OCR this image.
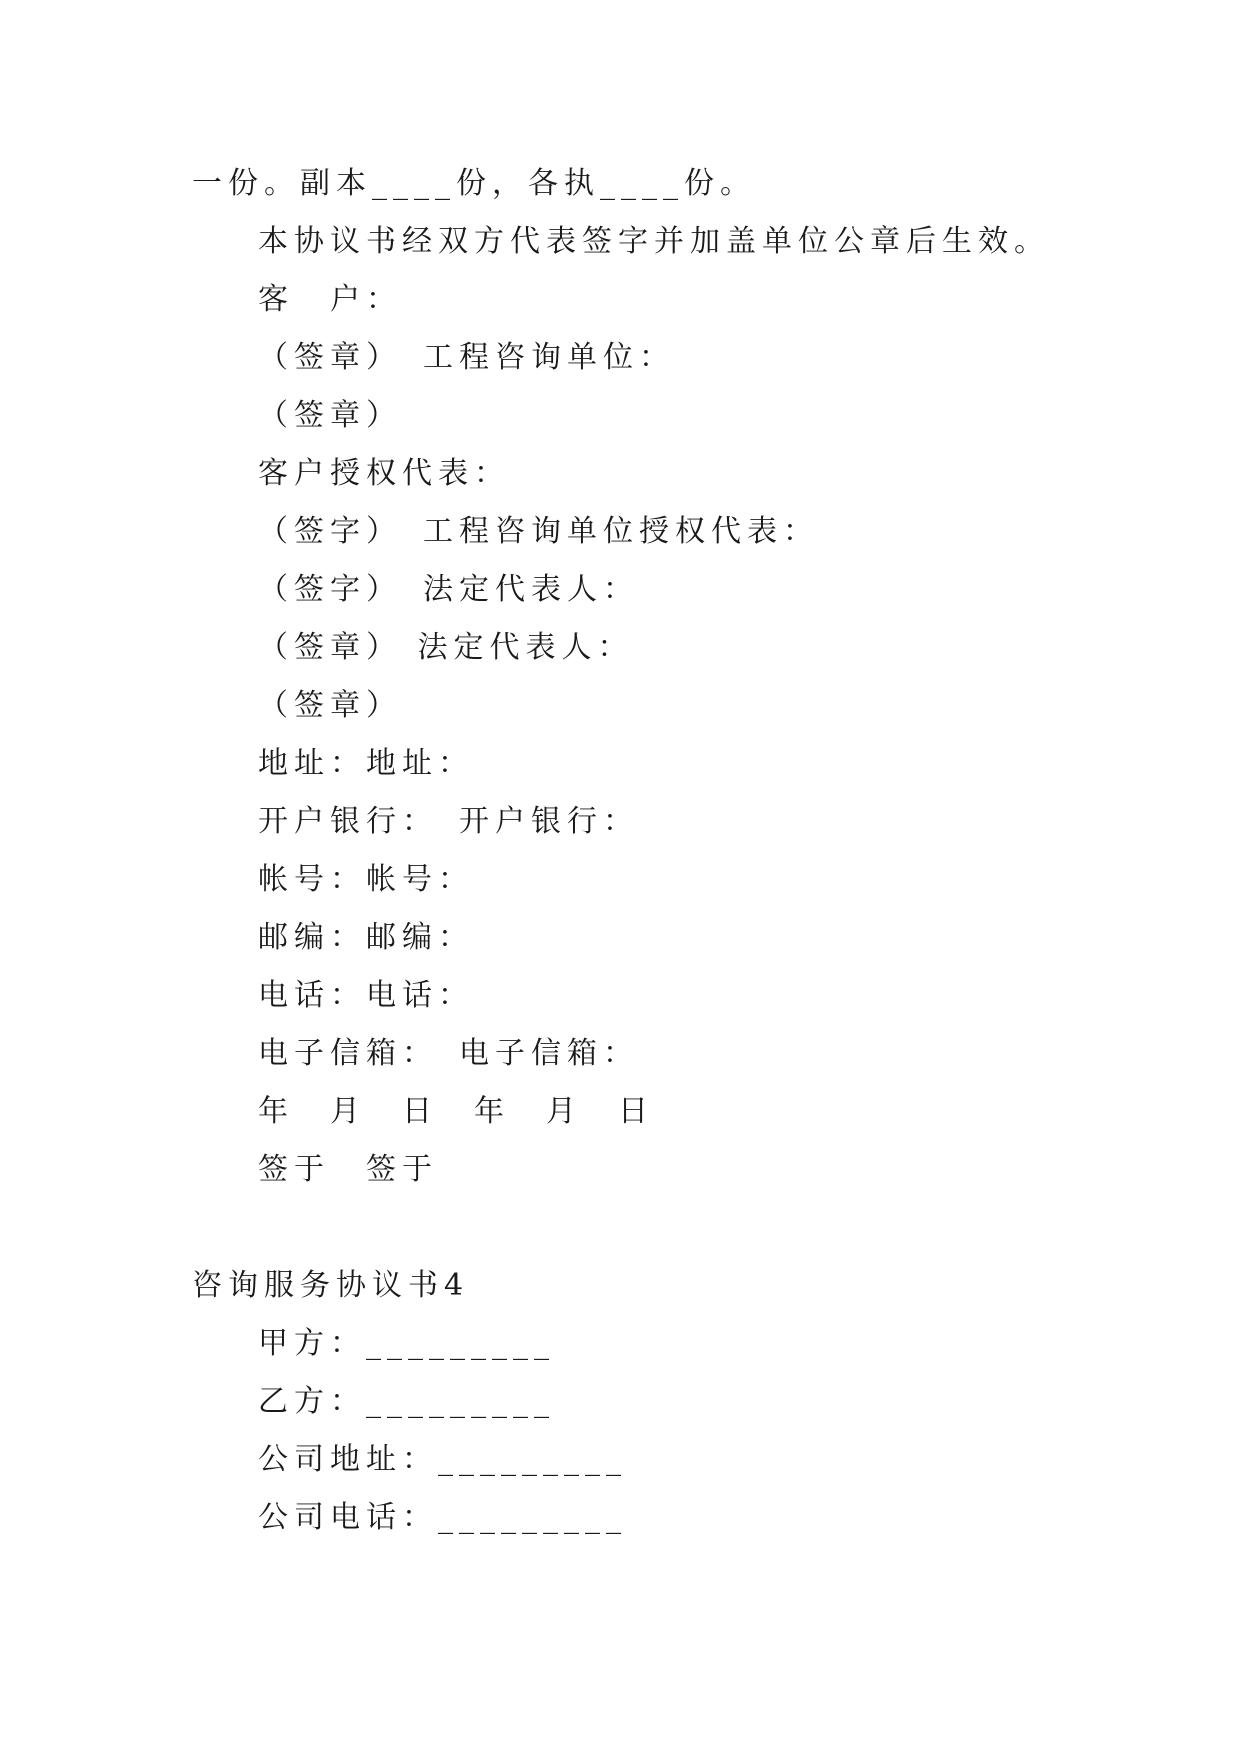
一份。副本____份，各执____份。
本协议书经双方代表签字并加盖单位公章后生效。
客　户：
（签章）　工程咨询单位：
（签章）
客户授权代表：
（签字）　工程咨询单位授权代表：
（签字）　法定代表人：
（签章） 法定代表人：
（签章）
地址：地址：
开户银行：　开户银行：
帐号：帐号：
邮编：邮编：
电话：电话：
电子信箱：　电子信箱：
年　月　日　年　月　日
签于　签于
咨询服务协议书4
甲方：_________
乙方：_________
公司地址：_________
公司电话：_________
